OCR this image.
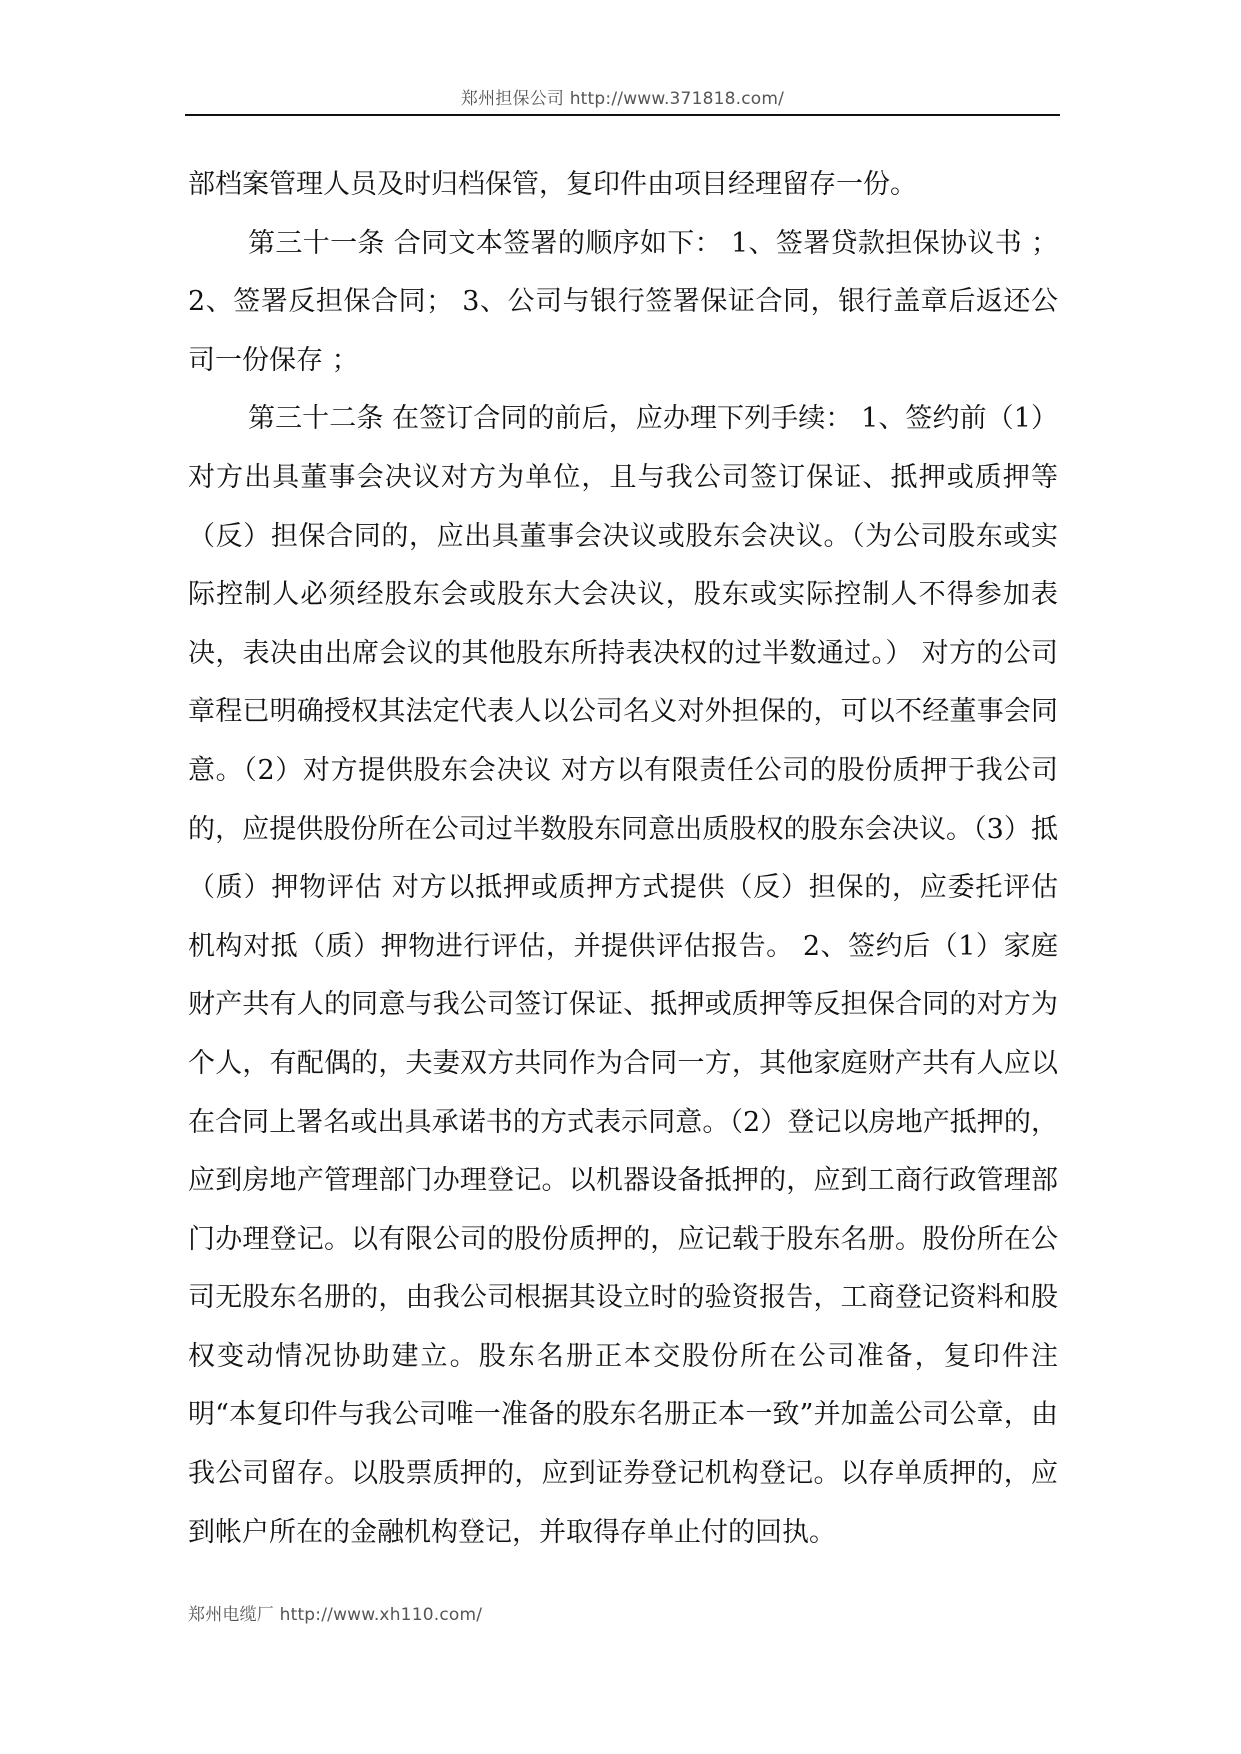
郑州担保公司 http://www.371818.com/

部档案管理人员及时归档保管，复印件由项目经理留存一份。

第三十一条 合同文本签署的顺序如下： 1、签署贷款担保协议书 ； 2、签署反担保合同； 3、公司与银行签署保证合同，银行盖章后返还公司一份保存 ；

第三十二条 在签订合同的前后，应办理下列手续： 1、签约前（1）对方出具董事会决议对方为单位，且与我公司签订保证、抵押或质押等（反）担保合同的，应出具董事会决议或股东会决议。（为公司股东或实际控制人必须经股东会或股东大会决议，股东或实际控制人不得参加表决，表决由出席会议的其他股东所持表决权的过半数通过。） 对方的公司章程已明确授权其法定代表人以公司名义对外担保的，可以不经董事会同意。（2）对方提供股东会决议 对方以有限责任公司的股份质押于我公司的，应提供股份所在公司过半数股东同意出质股权的股东会决议。（3）抵（质）押物评估 对方以抵押或质押方式提供（反）担保的，应委托评估机构对抵（质）押物进行评估，并提供评估报告。 2、签约后（1）家庭财产共有人的同意与我公司签订保证、抵押或质押等反担保合同的对方为个人，有配偶的，夫妻双方共同作为合同一方，其他家庭财产共有人应以在合同上署名或出具承诺书的方式表示同意。（2）登记以房地产抵押的，应到房地产管理部门办理登记。以机器设备抵押的，应到工商行政管理部门办理登记。以有限公司的股份质押的，应记载于股东名册。股份所在公司无股东名册的，由我公司根据其设立时的验资报告，工商登记资料和股权变动情况协助建立。股东名册正本交股份所在公司准备，复印件注明“本复印件与我公司唯一准备的股东名册正本一致”并加盖公司公章，由我公司留存。以股票质押的，应到证券登记机构登记。以存单质押的，应到帐户所在的金融机构登记，并取得存单止付的回执。

郑州电缆厂 http://www.xh110.com/
